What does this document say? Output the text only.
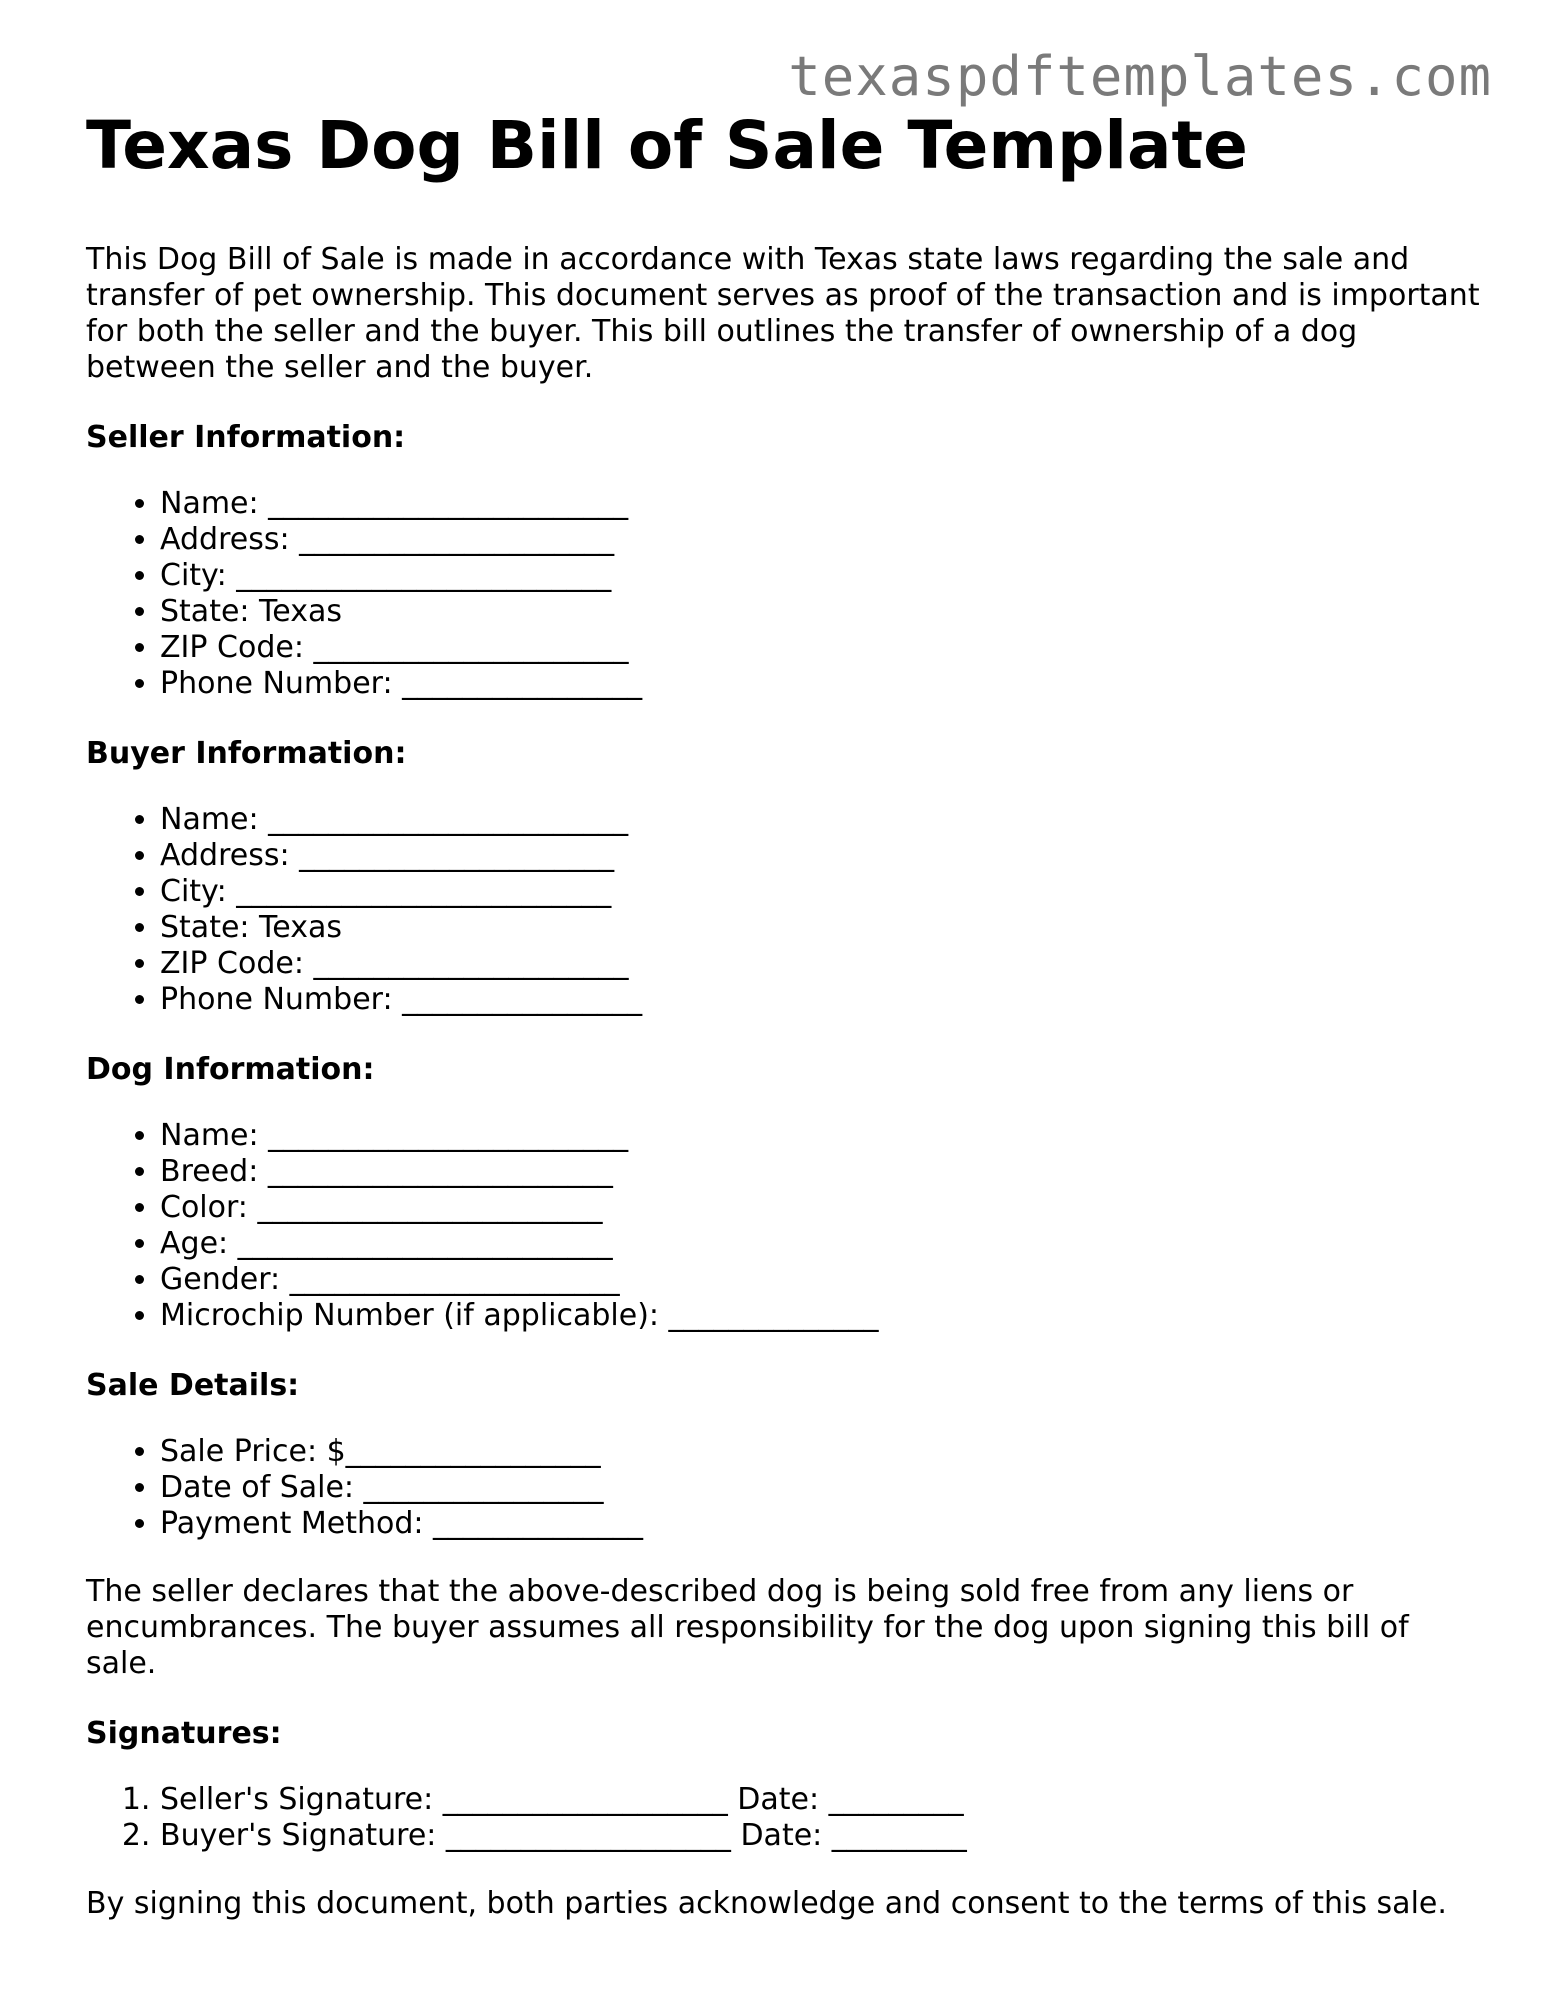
texaspdftemplates.com
Texas Dog Bill of Sale Template

This Dog Bill of Sale is made in accordance with Texas state laws regarding the sale and transfer of pet ownership. This document serves as proof of the transaction and is important for both the seller and the buyer. This bill outlines the transfer of ownership of a dog between the seller and the buyer.

Seller Information:
• Name: ________________________
• Address: _____________________
• City: _________________________
• State: Texas
• ZIP Code: _____________________
• Phone Number: ________________
Buyer Information:
• Name: ________________________
• Address: _____________________
• City: _________________________
• State: Texas
• ZIP Code: _____________________
• Phone Number: ________________
Dog Information:
• Name: ________________________
• Breed: _______________________
• Color: _______________________
• Age: _________________________
• Gender: ______________________
• Microchip Number (if applicable): ______________
Sale Details:
• Sale Price: $_________________
• Date of Sale: ________________
• Payment Method: ______________

The seller declares that the above-described dog is being sold free from any liens or encumbrances. The buyer assumes all responsibility for the dog upon signing this bill of sale.

Signatures:
1. Seller's Signature: ___________________ Date: _________
2. Buyer's Signature: ___________________ Date: _________

By signing this document, both parties acknowledge and consent to the terms of this sale.
